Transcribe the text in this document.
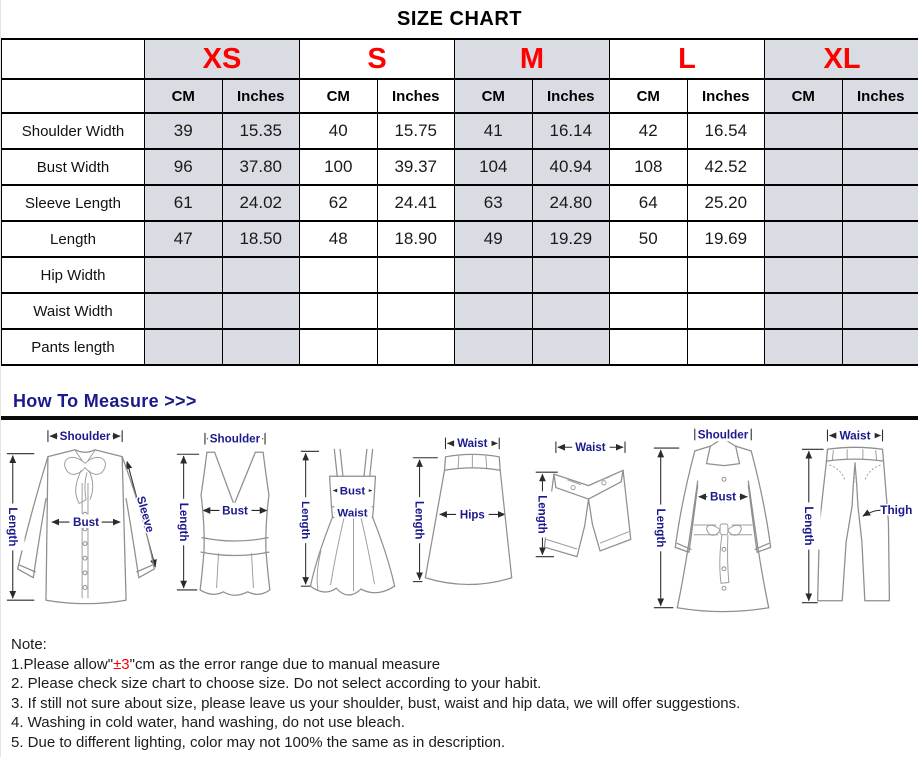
SIZE CHART
	XS		S		M		L		XL	
	CM	Inches	CM	Inches	CM	Inches	CM	Inches	CM	Inches
Shoulder Width	39	15.35	40	15.75	41	16.14	42	16.54		
Bust Width	96	37.80	100	39.37	104	40.94	108	42.52		
Sleeve Length	61	24.02	62	24.41	63	24.80	64	25.20		
Length	47	18.50	48	18.90	49	19.29	50	19.69		
Hip Width										
Waist Width										
Pants length										
How To Measure >>>
Shoulder
Bust
Length	Sleeve
Shoulder
Bust
Length
Bust
Waist
Length
Waist
Hips
Length
Waist
Length
Shoulder
Bust
Length
Waist
Thigh
Length
Note:
1.Please allow"±3"cm as the error range due to manual measure
2. Please check size chart to choose size. Do not select according to your habit.
3. If still not sure about size, please leave us your shoulder, bust, waist and hip data, we will offer suggestions.
4. Washing in cold water, hand washing, do not use bleach.
5. Due to different lighting, color may not 100% the same as in description.
